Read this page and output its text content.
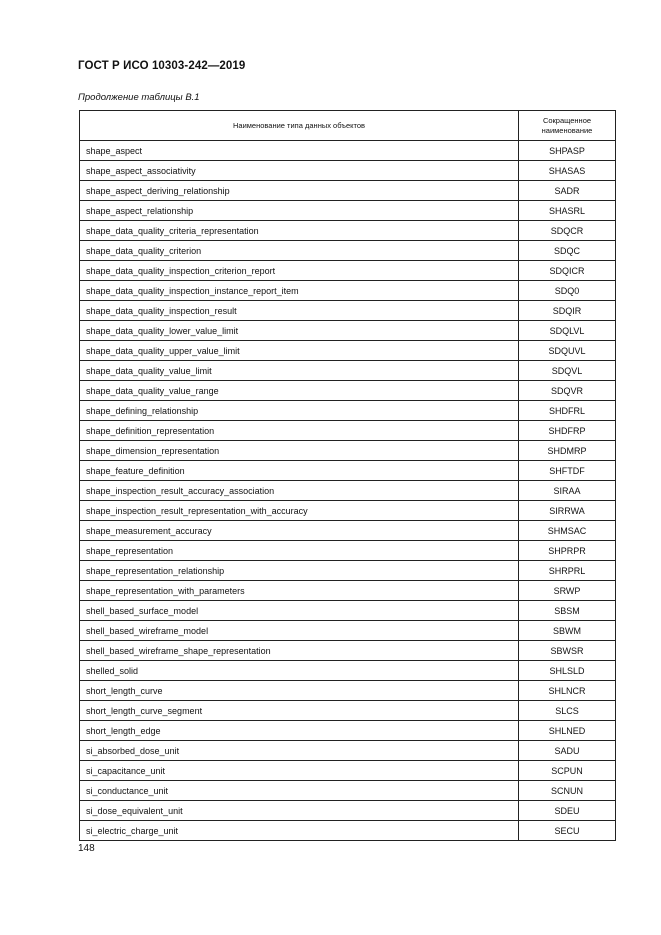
ГОСТ Р ИСО 10303-242—2019
Продолжение таблицы В.1
Наименование типа данных объектов	Сокращенное наименование
shape_aspect	SHPASP
shape_aspect_associativity	SHASAS
shape_aspect_deriving_relationship	SADR
shape_aspect_relationship	SHASRL
shape_data_quality_criteria_representation	SDQCR
shape_data_quality_criterion	SDQC
shape_data_quality_inspection_criterion_report	SDQICR
shape_data_quality_inspection_instance_report_item	SDQ0
shape_data_quality_inspection_result	SDQIR
shape_data_quality_lower_value_limit	SDQLVL
shape_data_quality_upper_value_limit	SDQUVL
shape_data_quality_value_limit	SDQVL
shape_data_quality_value_range	SDQVR
shape_defining_relationship	SHDFRL
shape_definition_representation	SHDFRP
shape_dimension_representation	SHDMRP
shape_feature_definition	SHFTDF
shape_inspection_result_accuracy_association	SIRAA
shape_inspection_result_representation_with_accuracy	SIRRWA
shape_measurement_accuracy	SHMSAC
shape_representation	SHPRPR
shape_representation_relationship	SHRPRL
shape_representation_with_parameters	SRWP
shell_based_surface_model	SBSM
shell_based_wireframe_model	SBWM
shell_based_wireframe_shape_representation	SBWSR
shelled_solid	SHLSLD
short_length_curve	SHLNCR
short_length_curve_segment	SLCS
short_length_edge	SHLNED
si_absorbed_dose_unit	SADU
si_capacitance_unit	SCPUN
si_conductance_unit	SCNUN
si_dose_equivalent_unit	SDEU
si_electric_charge_unit	SECU
148
